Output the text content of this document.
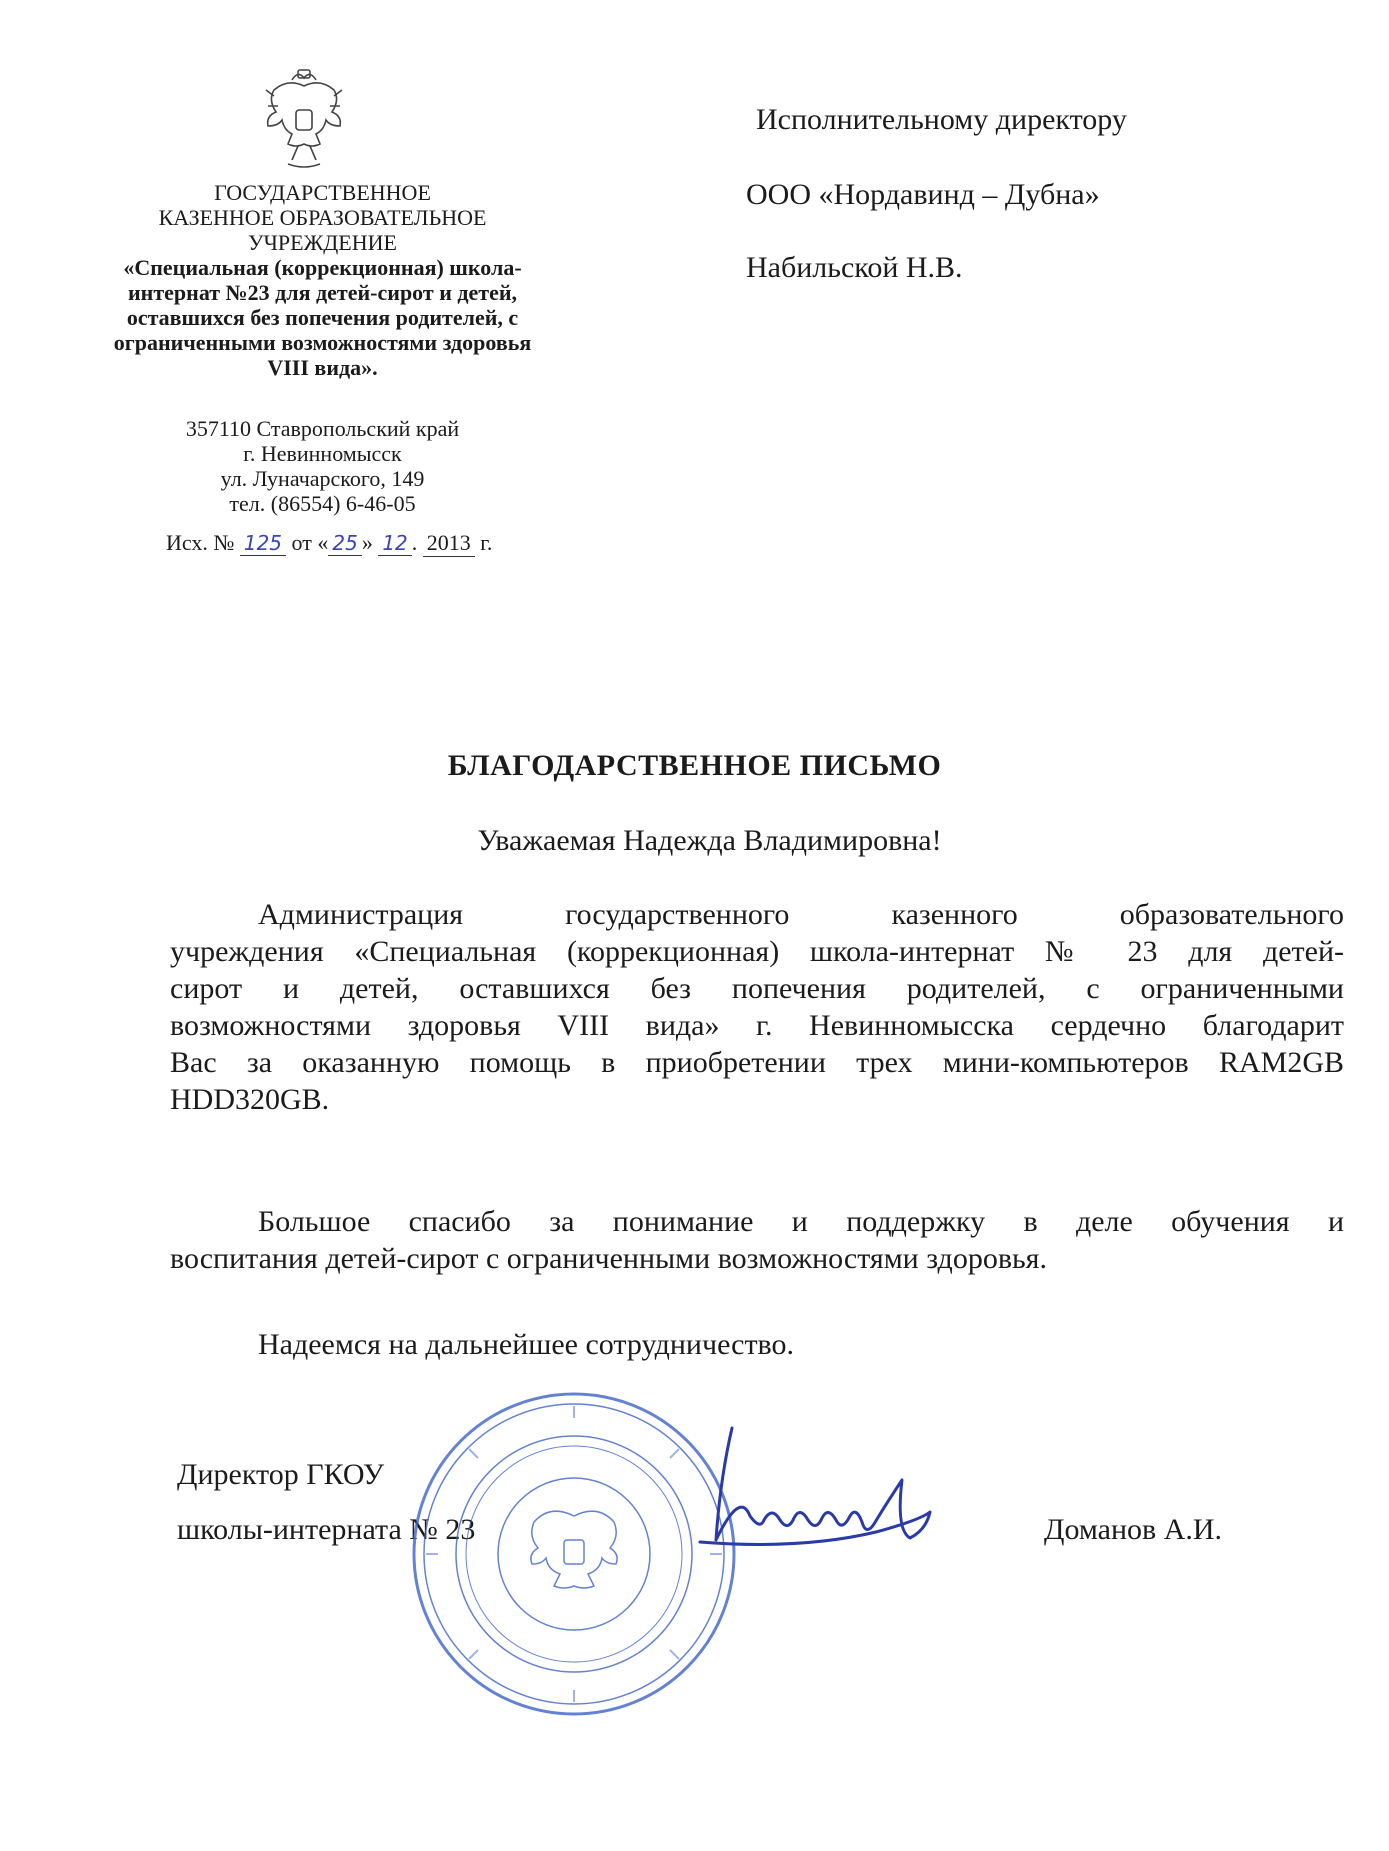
ГОСУДАРСТВЕННОЕ
КАЗЕННОЕ ОБРАЗОВАТЕЛЬНОЕ
УЧРЕЖДЕНИЕ
«Специальная (коррекционная) школа-
интернат №23 для детей-сирот и детей,
оставшихся без попечения родителей, с
ограниченными возможностями здоровья
VIII вида».
357110 Ставропольский край
г. Невинномысск
ул. Луначарского, 149
тел. (86554) 6-46-05
Исх. № 125 от « 25 » 12 . 2013 г.
Исполнительному директору
ООО «Нордавинд – Дубна»
Набильской Н.В.
БЛАГОДАРСТВЕННОЕ ПИСЬМО
Уважаемая Надежда Владимировна!
Администрация государственного казенного образовательного
учреждения «Специальная (коррекционная) школа-интернат № 23 для детей-
сирот и детей, оставшихся без попечения родителей, с ограниченными
возможностями здоровья VIII вида» г. Невинномысска сердечно благодарит
Вас за оказанную помощь в приобретении трех мини-компьютеров RAM2GB
HDD320GB.
Большое спасибо за понимание и поддержку в деле обучения и
воспитания детей-сирот с ограниченными возможностями здоровья.
Надеемся на дальнейшее сотрудничество.
Директор ГКОУ
школы-интерната № 23	Доманов А.И.
